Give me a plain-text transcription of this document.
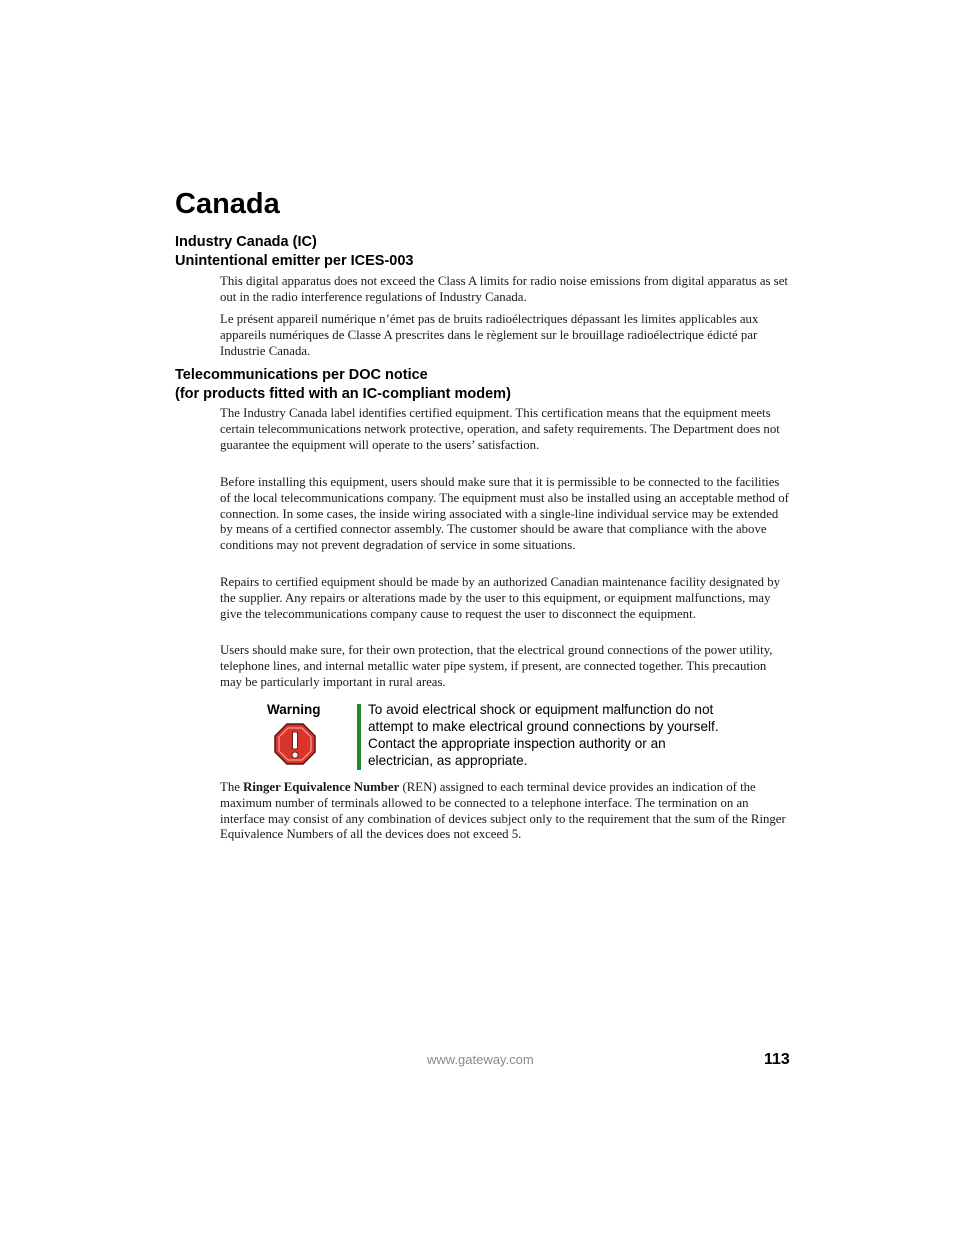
Canada
Industry Canada (IC)
Unintentional emitter per ICES-003

This digital apparatus does not exceed the Class A limits for radio noise emissions from digital apparatus as set out in the radio interference regulations of Industry Canada.

Le présent appareil numérique n’émet pas de bruits radioélectriques dépassant les limites applicables aux appareils numériques de Classe A prescrites dans le règlement sur le brouillage radioélectrique édicté par Industrie Canada.

Telecommunications per DOC notice
(for products fitted with an IC-compliant modem)

The Industry Canada label identifies certified equipment. This certification means that the equipment meets certain telecommunications network protective, operation, and safety requirements. The Department does not guarantee the equipment will operate to the users’ satisfaction.

Before installing this equipment, users should make sure that it is permissible to be connected to the facilities of the local telecommunications company. The equipment must also be installed using an acceptable method of connection. In some cases, the inside wiring associated with a single-line individual service may be extended by means of a certified connector assembly. The customer should be aware that compliance with the above conditions may not prevent degradation of service in some situations.

Repairs to certified equipment should be made by an authorized Canadian maintenance facility designated by the supplier. Any repairs or alterations made by the user to this equipment, or equipment malfunctions, may give the telecommunications company cause to request the user to disconnect the equipment.

Users should make sure, for their own protection, that the electrical ground connections of the power utility, telephone lines, and internal metallic water pipe system, if present, are connected together. This precaution may be particularly important in rural areas.

Warning	To avoid electrical shock or equipment malfunction do not
attempt to make electrical ground connections by yourself.
Contact the appropriate inspection authority or an
electrician, as appropriate.

The Ringer Equivalence Number (REN) assigned to each terminal device provides an indication of the maximum number of terminals allowed to be connected to a telephone interface. The termination on an interface may consist of any combination of devices subject only to the requirement that the sum of the Ringer Equivalence Numbers of all the devices does not exceed 5.

www.gateway.com	113
